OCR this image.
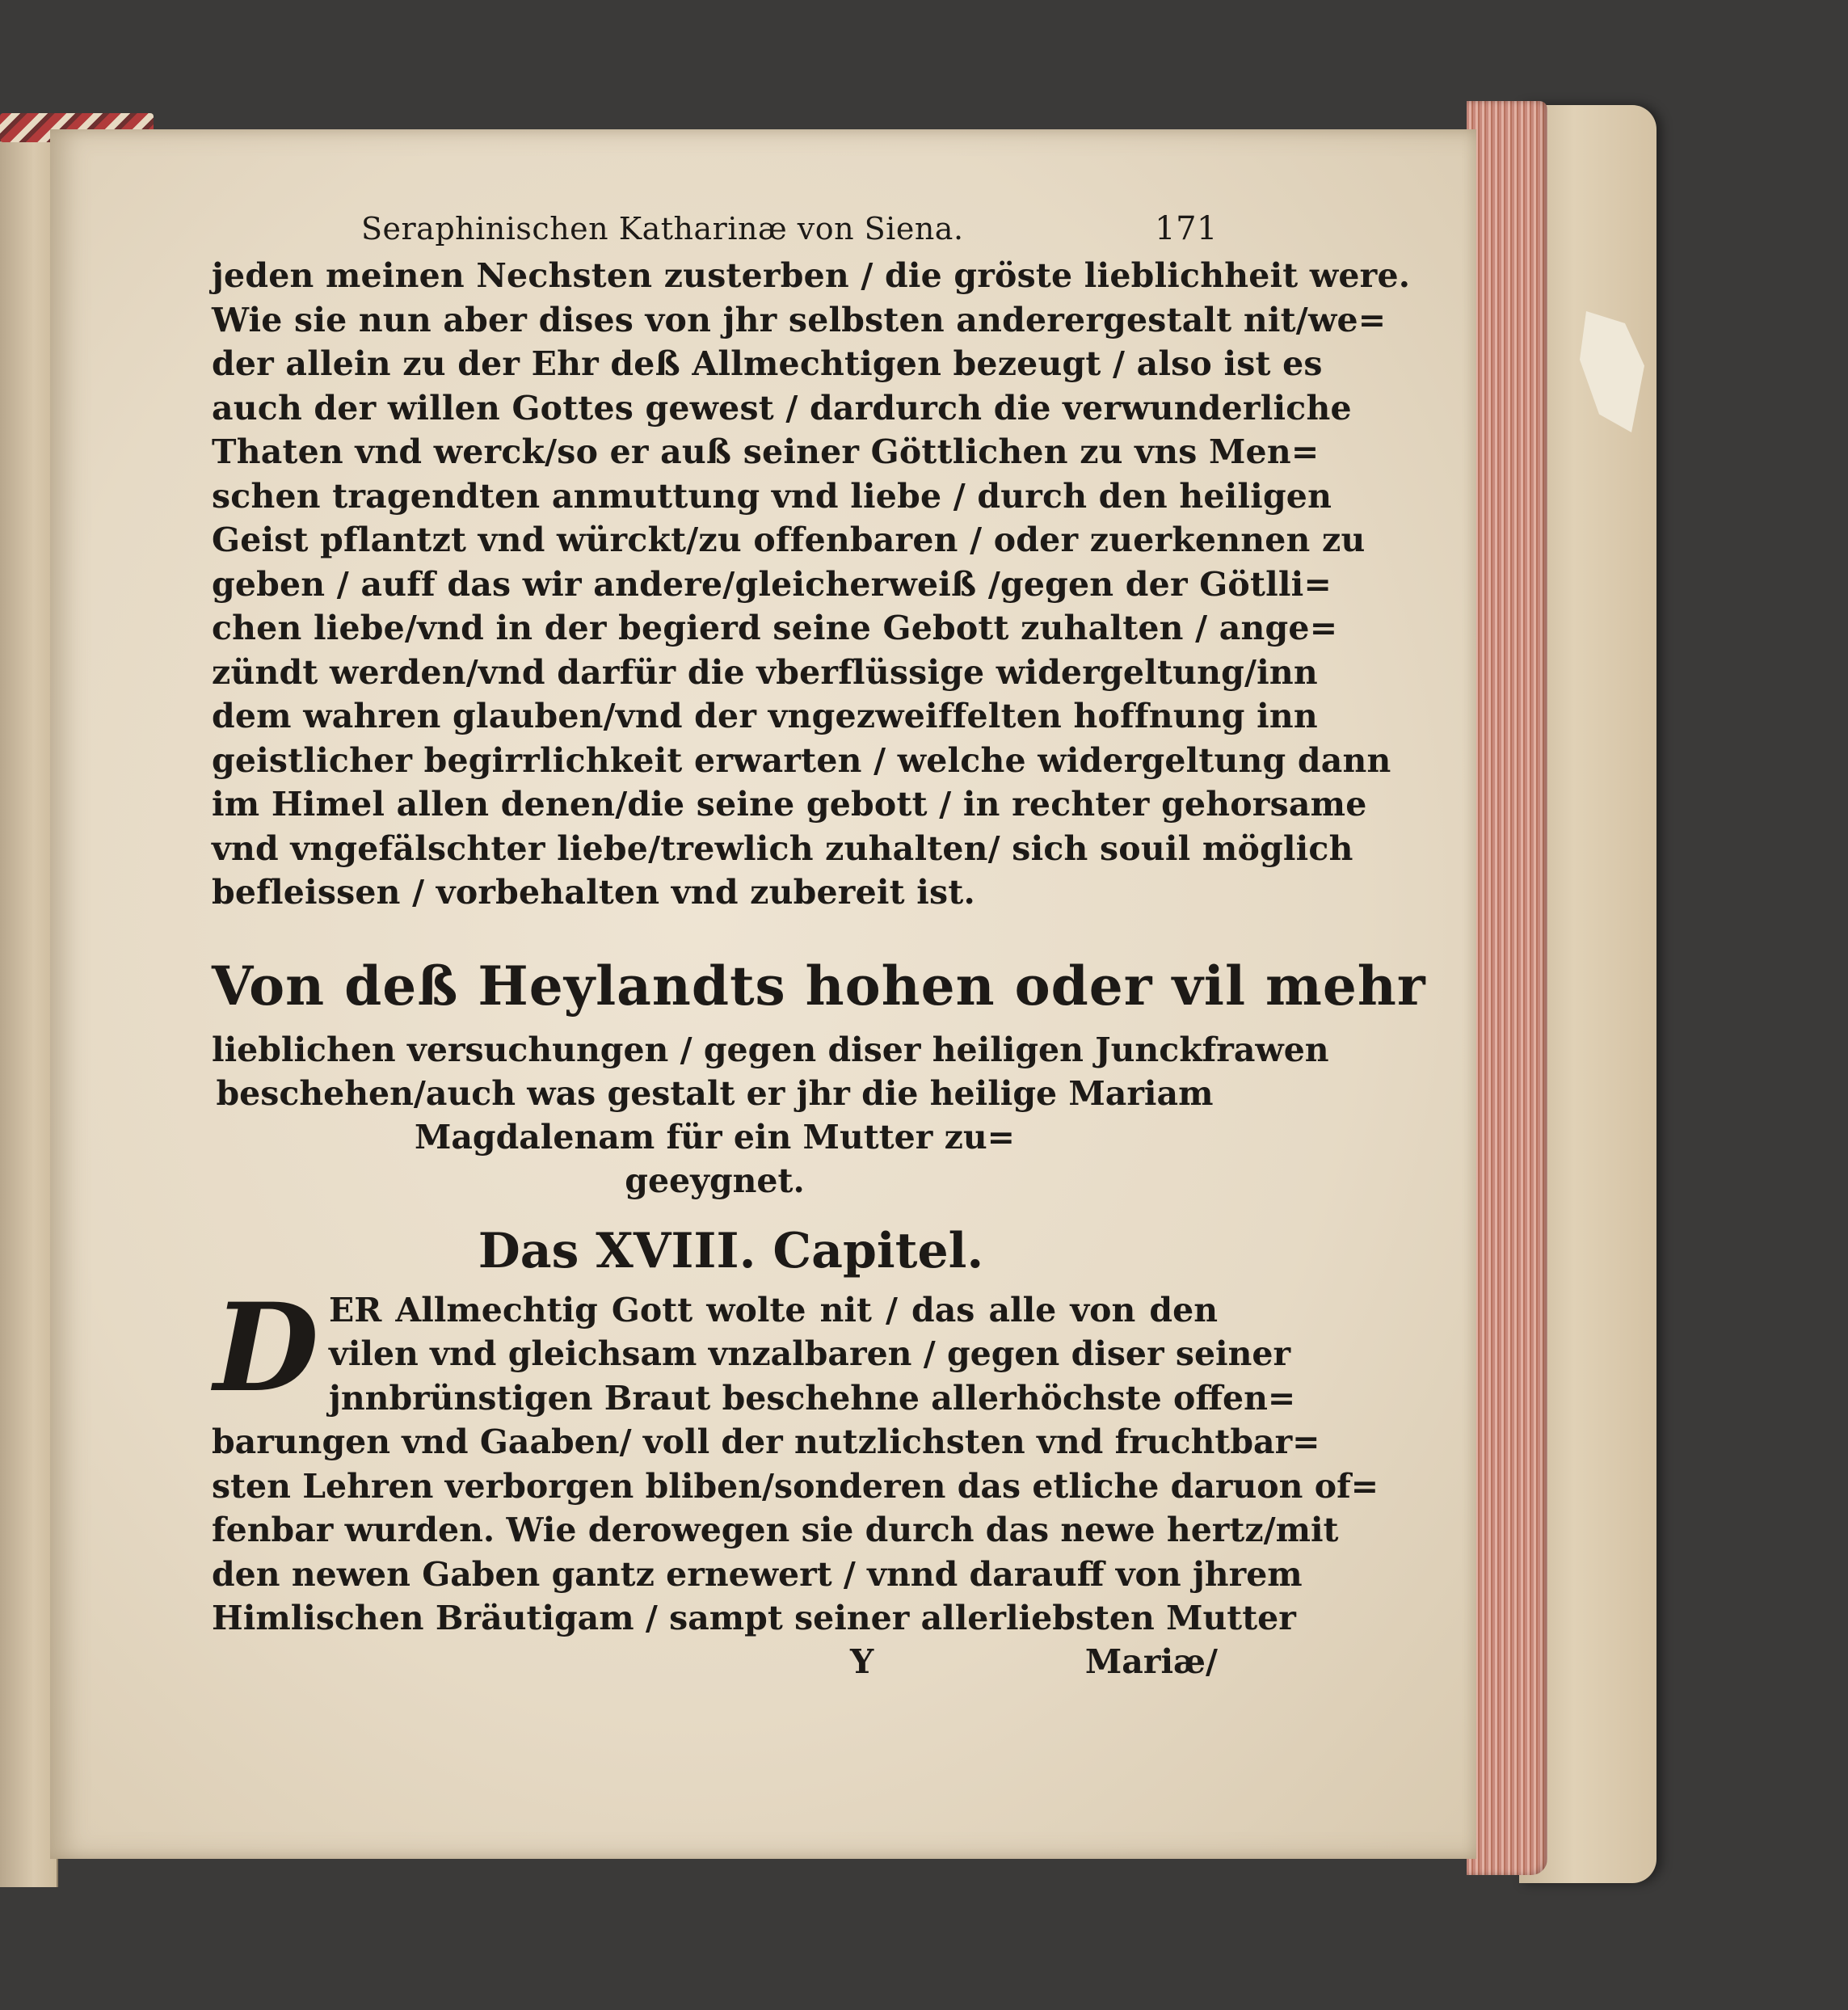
Seraphinischen Katharinæ von Siena.	171
jeden meinen Nechsten zusterben / die gröste lieblichheit were.
Wie sie nun aber dises von jhr selbsten anderergestalt nit/we=
der allein zu der Ehr deß Allmechtigen bezeugt / also ist es
auch der willen Gottes gewest / dardurch die verwunderliche
Thaten vnd werck/so er auß seiner Göttlichen zu vns Men=
schen tragendten anmuttung vnd liebe / durch den heiligen
Geist pflantzt vnd würckt/zu offenbaren / oder zuerkennen zu
geben / auff das wir andere/gleicherweiß /gegen der Götlli=
chen liebe/vnd in der begierd seine Gebott zuhalten / ange=
zündt werden/vnd darfür die vberflüssige widergeltung/inn
dem wahren glauben/vnd der vngezweiffelten hoffnung inn
geistlicher begirrlichkeit erwarten / welche widergeltung dann
im Himel allen denen/die seine gebott / in rechter gehorsame
vnd vngefälschter liebe/trewlich zuhalten/ sich souil möglich
befleissen / vorbehalten vnd zubereit ist.
Von deß Heylandts hohen oder vil mehr
lieblichen versuchungen / gegen diser heiligen Junckfrawen
beschehen/auch was gestalt er jhr die heilige Mariam
Magdalenam für ein Mutter zu=
geeygnet.
Das XVIII. Capitel.
D ER Allmechtig Gott wolte nit / das alle von den
vilen vnd gleichsam vnzalbaren / gegen diser seiner
jnnbrünstigen Braut beschehne allerhöchste offen=
barungen vnd Gaaben/ voll der nutzlichsten vnd fruchtbar=
sten Lehren verborgen bliben/sonderen das etliche daruon of=
fenbar wurden. Wie derowegen sie durch das newe hertz/mit
den newen Gaben gantz ernewert / vnnd darauff von jhrem
Himlischen Bräutigam / sampt seiner allerliebsten Mutter
Y	Mariæ/
